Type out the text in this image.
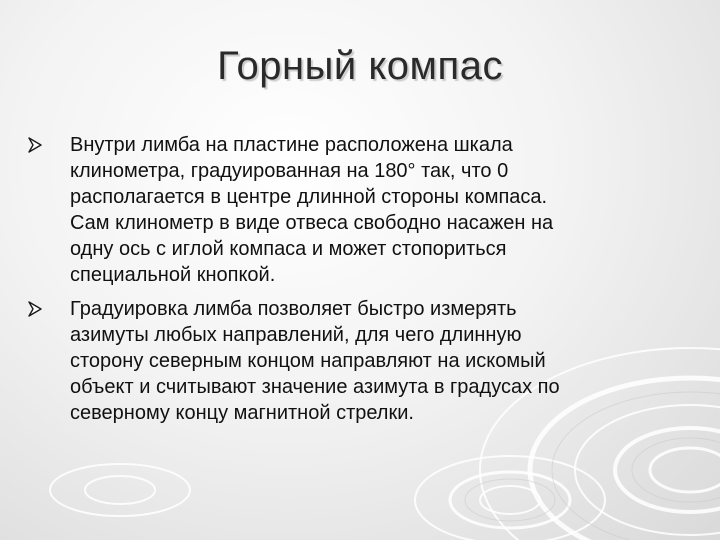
Горный компас
Внутри лимба на пластине расположена шкала
клинометра, градуированная на 180° так, что 0
располагается в центре длинной стороны компаса.
Сам клинометр в виде отвеса свободно насажен на
одну ось с иглой компаса и может стопориться
специальной кнопкой.
Градуировка лимба позволяет быстро измерять
азимуты любых направлений, для чего длинную
сторону северным концом направляют на искомый
объект и считывают значение азимута в градусах по
северному концу магнитной стрелки.
